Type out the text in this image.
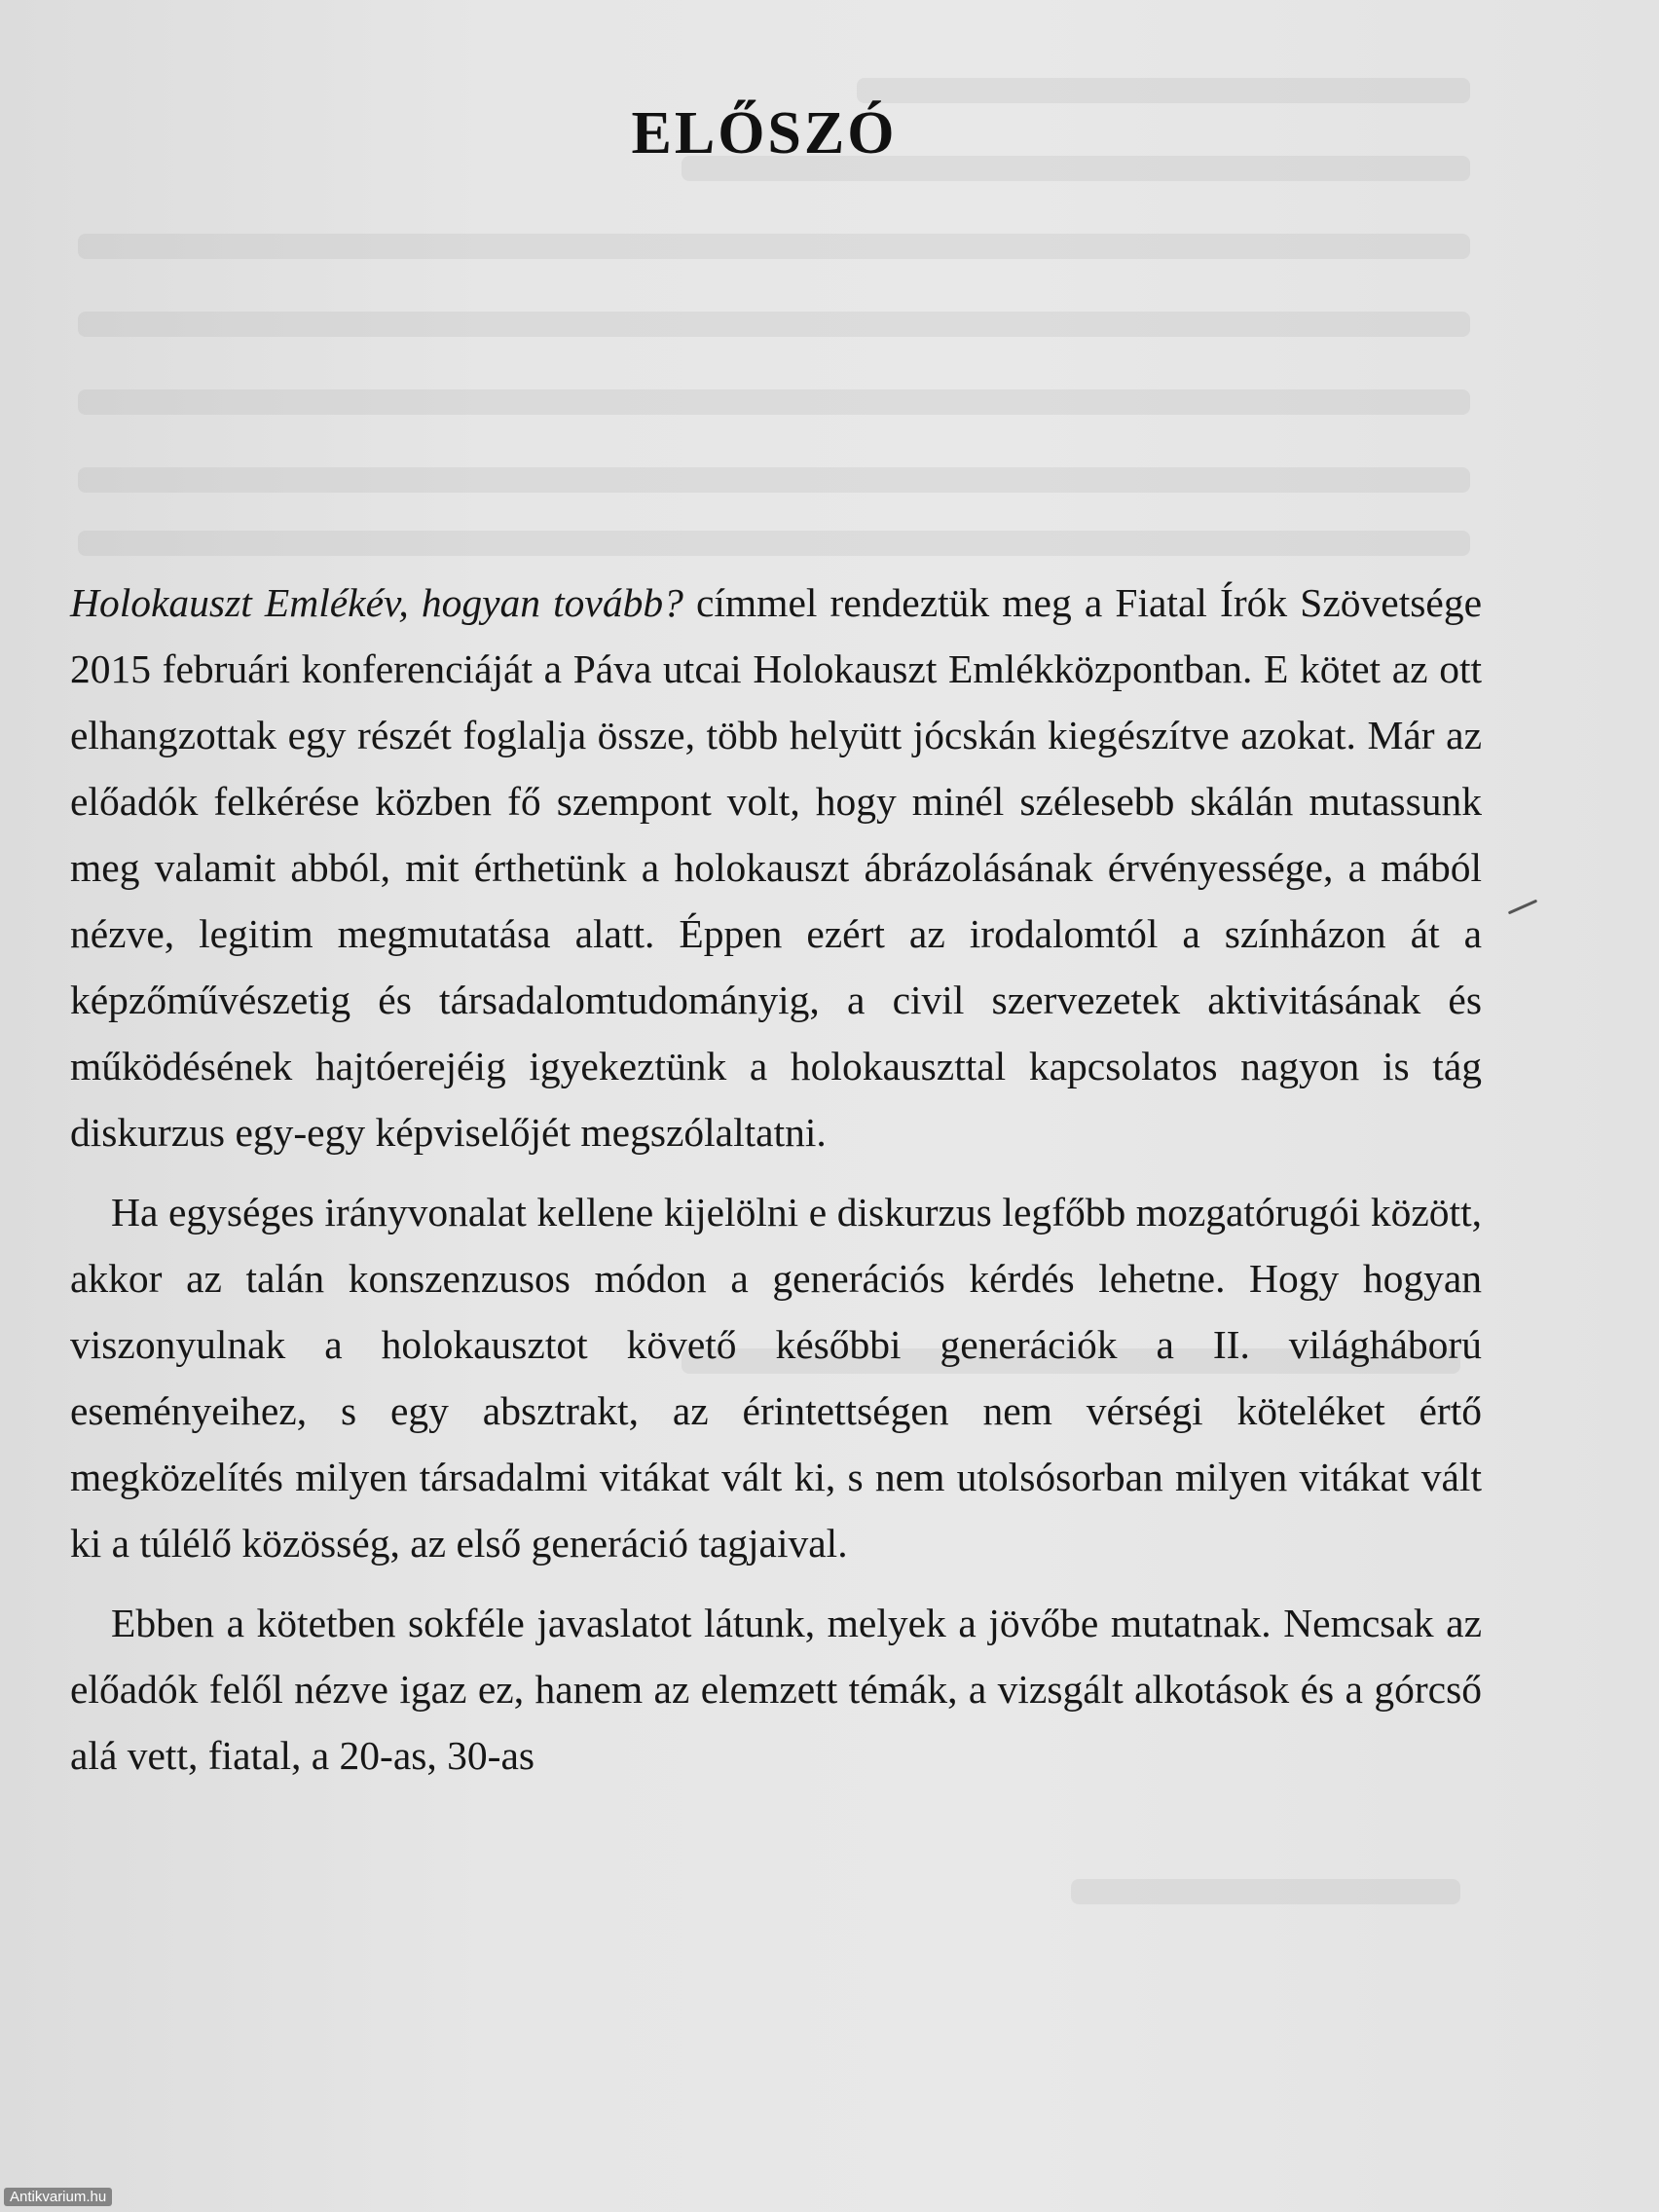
ELŐSZÓ

Holokauszt Emlékév, hogyan tovább? címmel rendeztük meg a Fiatal Írók Szövetsége 2015 februári konferenciáját a Páva utcai Holokauszt Emlékközpontban. E kötet az ott elhangzottak egy részét foglalja össze, több helyütt jócskán kiegészítve azokat. Már az előadók felkérése közben fő szempont volt, hogy minél szélesebb skálán mutassunk meg valamit abból, mit érthetünk a holokauszt ábrázolásának érvényessége, a mából nézve, legitim megmutatása alatt. Éppen ezért az irodalomtól a színházon át a képzőművészetig és társadalomtudományig, a civil szervezetek aktivitásának és működésének hajtóerejéig igyekeztünk a holokauszttal kapcsolatos nagyon is tág diskurzus egy-egy képviselőjét megszólaltatni.

Ha egységes irányvonalat kellene kijelölni e diskurzus legfőbb mozgatórugói között, akkor az talán konszenzusos módon a generációs kérdés lehetne. Hogy hogyan viszonyulnak a holokausztot követő későbbi generációk a II. világháború eseményeihez, s egy absztrakt, az érintettségen nem vérségi köteléket értő megközelítés milyen társadalmi vitákat vált ki, s nem utolsósorban milyen vitákat vált ki a túlélő közösség, az első generáció tagjaival.

Ebben a kötetben sokféle javaslatot látunk, melyek a jövőbe mutatnak. Nemcsak az előadók felől nézve igaz ez, hanem az elemzett témák, a vizsgált alkotások és a górcső alá vett, fiatal, a 20-as, 30-as

Antikvarium.hu
